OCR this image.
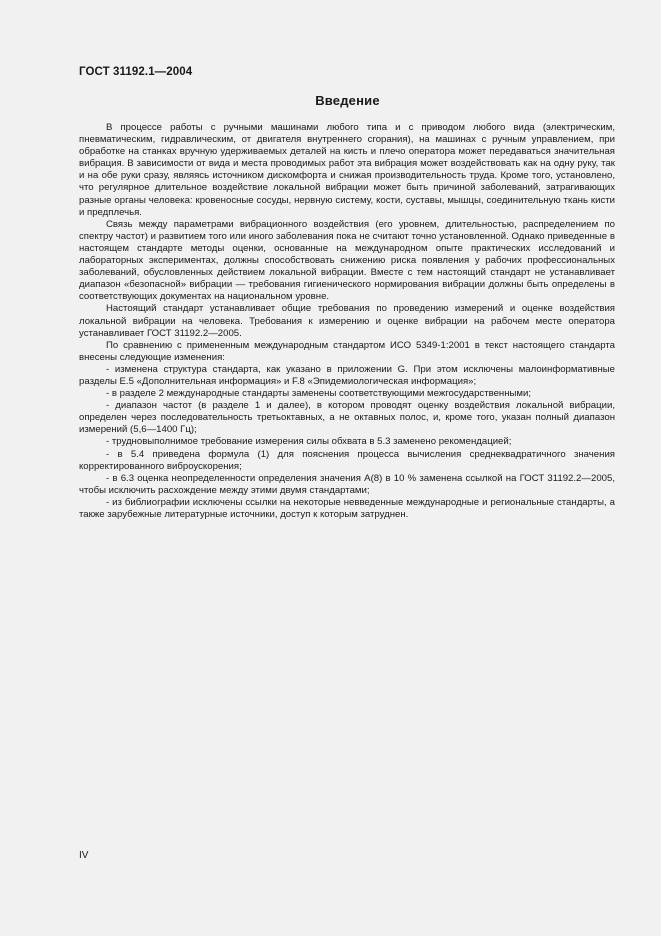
ГОСТ 31192.1—2004
Введение

В процессе работы с ручными машинами любого типа и с приводом любого вида (электрическим, пневматическим, гидравлическим, от двигателя внутреннего сгорания), на машинах с ручным управлением, при обработке на станках вручную удерживаемых деталей на кисть и плечо оператора может передаваться значительная вибрация. В зависимости от вида и места проводимых работ эта вибрация может воздействовать как на одну руку, так и на обе руки сразу, являясь источником дискомфорта и снижая производительность труда. Кроме того, установлено, что регулярное длительное воздействие локальной вибрации может быть причиной заболеваний, затрагивающих разные органы человека: кровеносные сосуды, нервную систему, кости, суставы, мышцы, соединительную ткань кисти и предплечья.

Связь между параметрами вибрационного воздействия (его уровнем, длительностью, распределением по спектру частот) и развитием того или иного заболевания пока не считают точно установленной. Однако приведенные в настоящем стандарте методы оценки, основанные на международном опыте практических исследований и лабораторных экспериментах, должны способствовать снижению риска появления у рабочих профессиональных заболеваний, обусловленных действием локальной вибрации. Вместе с тем настоящий стандарт не устанавливает диапазон «безопасной» вибрации — требования гигиенического нормирования вибрации должны быть определены в соответствующих документах на национальном уровне.

Настоящий стандарт устанавливает общие требования по проведению измерений и оценке воздействия локальной вибрации на человека. Требования к измерению и оценке вибрации на рабочем месте оператора устанавливает ГОСТ 31192.2—2005.

По сравнению с примененным международным стандартом ИСО 5349-1:2001 в текст настоящего стандарта внесены следующие изменения:

- изменена структура стандарта, как указано в приложении G. При этом исключены малоинформативные разделы E.5 «Дополнительная информация» и F.8 «Эпидемиологическая информация»;

- в разделе 2 международные стандарты заменены соответствующими межгосударственными;

- диапазон частот (в разделе 1 и далее), в котором проводят оценку воздействия локальной вибрации, определен через последовательность третьоктавных, а не октавных полос, и, кроме того, указан полный диапазон измерений (5,6—1400 Гц);

- трудновыполнимое требование измерения силы обхвата в 5.3 заменено рекомендацией;

- в 5.4 приведена формула (1) для пояснения процесса вычисления среднеквадратичного значения корректированного виброускорения;

- в 6.3 оценка неопределенности определения значения A(8) в 10 % заменена ссылкой на ГОСТ 31192.2—2005, чтобы исключить расхождение между этими двумя стандартами;

- из библиографии исключены ссылки на некоторые невведенные международные и региональные стандарты, а также зарубежные литературные источники, доступ к которым затруднен.

IV
